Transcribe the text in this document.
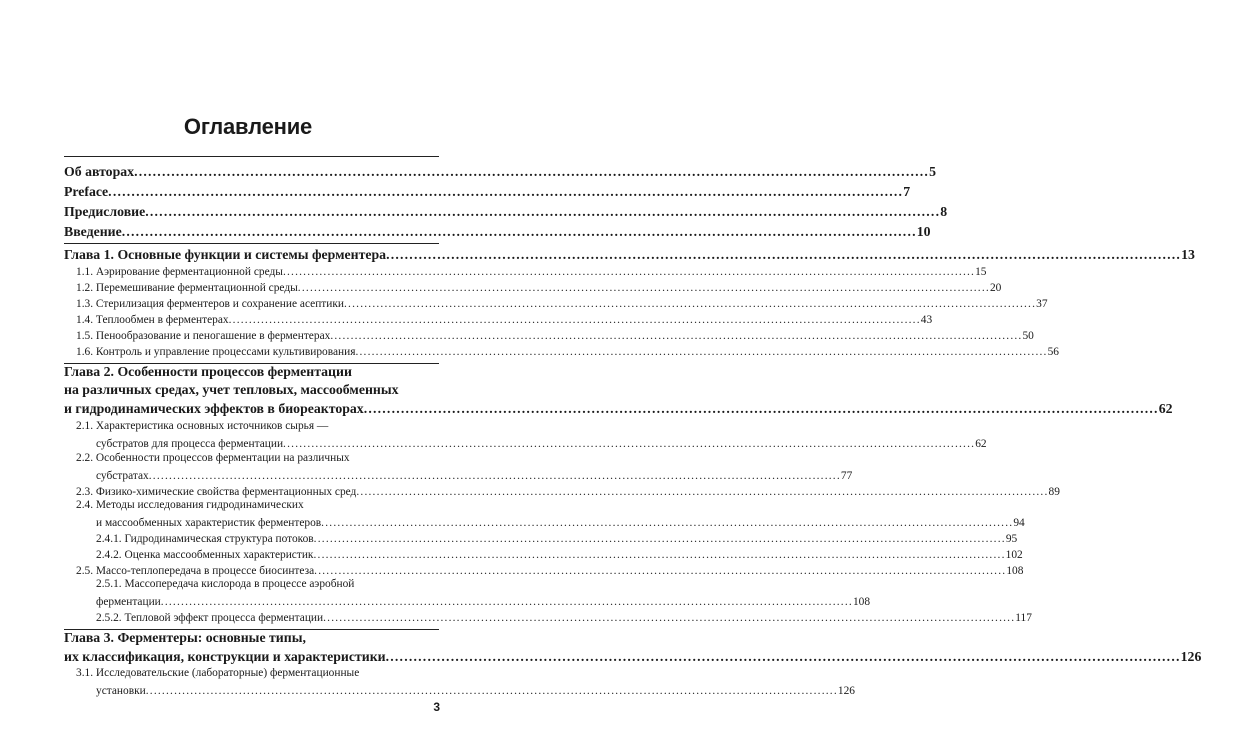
Оглавление
Об авторах ........................................................................................................................................................................... 5
Preface ........................................................................................................................................................................... 7
Предисловие ........................................................................................................................................................................... 8
Введение ........................................................................................................................................................................... 10
Глава 1. Основные функции и системы ферментера ........................................................................................................................................................................... 13
1.1. Аэрирование ферментационной среды ........................................................................................................................................................................... 15
1.2. Перемешивание ферментационной среды ........................................................................................................................................................................... 20
1.3. Стерилизация ферментеров и сохранение асептики ........................................................................................................................................................................... 37
1.4. Теплообмен в ферментерах ........................................................................................................................................................................... 43
1.5. Пенообразование и пеногашение в ферментерах ........................................................................................................................................................................... 50
1.6. Контроль и управление процессами культивирования ........................................................................................................................................................................... 56
Глава 2. Особенности процессов ферментации
на различных средах, учет тепловых, массообменных
и гидродинамических эффектов в биореакторах ........................................................................................................................................................................... 62
2.1. Характеристика основных источников сырья —
субстратов для процесса ферментации ........................................................................................................................................................................... 62
2.2. Особенности процессов ферментации на различных
субстратах ........................................................................................................................................................................... 77
2.3. Физико-химические свойства ферментационных сред ........................................................................................................................................................................... 89
2.4. Методы исследования гидродинамических
и массообменных характеристик ферментеров ........................................................................................................................................................................... 94
2.4.1. Гидродинамическая структура потоков ........................................................................................................................................................................... 95
2.4.2. Оценка массообменных характеристик ........................................................................................................................................................................... 102
2.5. Массо-теплопередача в процессе биосинтеза ........................................................................................................................................................................... 108
2.5.1. Массопередача кислорода в процессе аэробной
ферментации ........................................................................................................................................................................... 108
2.5.2. Тепловой эффект процесса ферментации ........................................................................................................................................................................... 117
Глава 3. Ферментеры: основные типы,
их классификация, конструкции и характеристики ........................................................................................................................................................................... 126
3.1. Исследовательские (лабораторные) ферментационные
установки ........................................................................................................................................................................... 126
3
